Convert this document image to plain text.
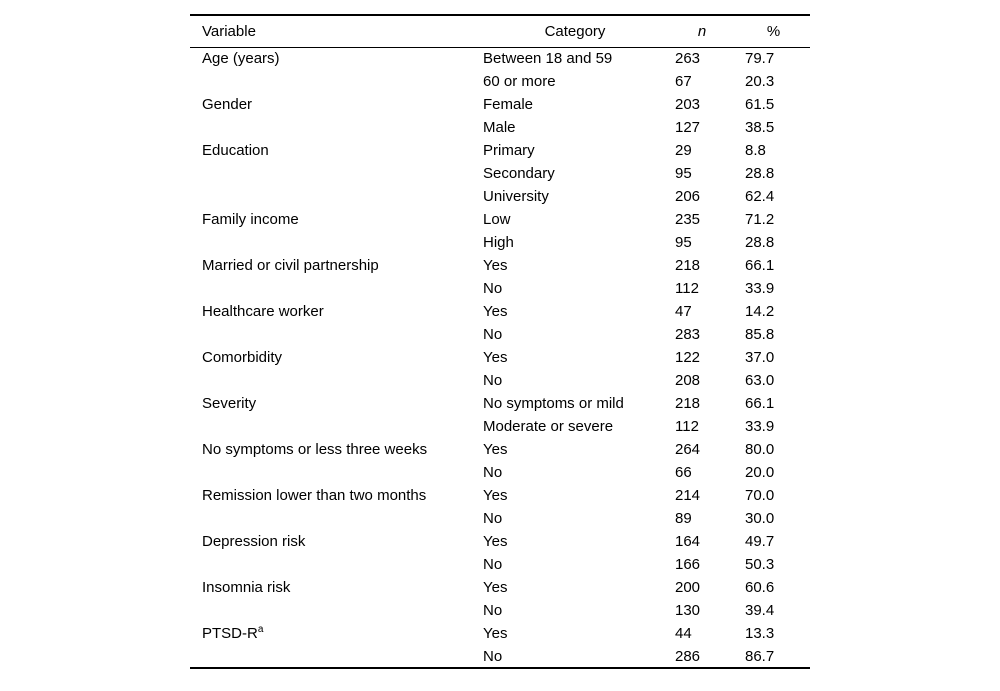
Variable	Category	n	%
Age (years)	Between 18 and 59	263	79.7
	60 or more	67	20.3
Gender	Female	203	61.5
	Male	127	38.5
Education	Primary	29	8.8
	Secondary	95	28.8
	University	206	62.4
Family income	Low	235	71.2
	High	95	28.8
Married or civil partnership	Yes	218	66.1
	No	112	33.9
Healthcare worker	Yes	47	14.2
	No	283	85.8
Comorbidity	Yes	122	37.0
	No	208	63.0
Severity	No symptoms or mild	218	66.1
	Moderate or severe	112	33.9
No symptoms or less three weeks	Yes	264	80.0
	No	66	20.0
Remission lower than two months	Yes	214	70.0
	No	89	30.0
Depression risk	Yes	164	49.7
	No	166	50.3
Insomnia risk	Yes	200	60.6
	No	130	39.4
PTSD-$R^a$	Yes	44	13.3
	No	286	86.7
